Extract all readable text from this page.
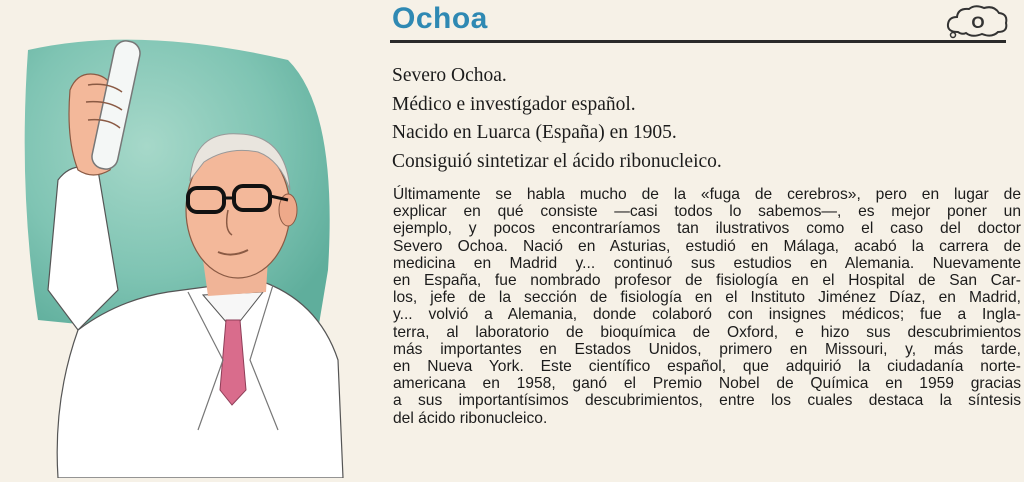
Ochoa	O
Severo Ochoa.
Médico e investígador español.
Nacido en Luarca (España) en 1905.
Consiguió sintetizar el ácido ribonucleico.
Últimamente se habla mucho de la «fuga de cerebros», pero en lugar de
explicar en qué consiste —casi todos lo sabemos—, es mejor poner un
ejemplo, y pocos encontraríamos tan ilustrativos como el caso del doctor
Severo Ochoa. Nació en Asturias, estudió en Málaga, acabó la carrera de
medicina en Madrid y... continuó sus estudios en Alemania. Nuevamente
en España, fue nombrado profesor de fisiología en el Hospital de San Car-
los, jefe de la sección de fisiología en el Instituto Jiménez Díaz, en Madrid,
y... volvió a Alemania, donde colaboró con insignes médicos; fue a Ingla-
terra, al laboratorio de bioquímica de Oxford, e hizo sus descubrimientos
más importantes en Estados Unidos, primero en Missouri, y, más tarde,
en Nueva York. Este científico español, que adquirió la ciudadanía norte-
americana en 1958, ganó el Premio Nobel de Química en 1959 gracias
a sus importantísimos descubrimientos, entre los cuales destaca la síntesis
del ácido ribonucleico.
